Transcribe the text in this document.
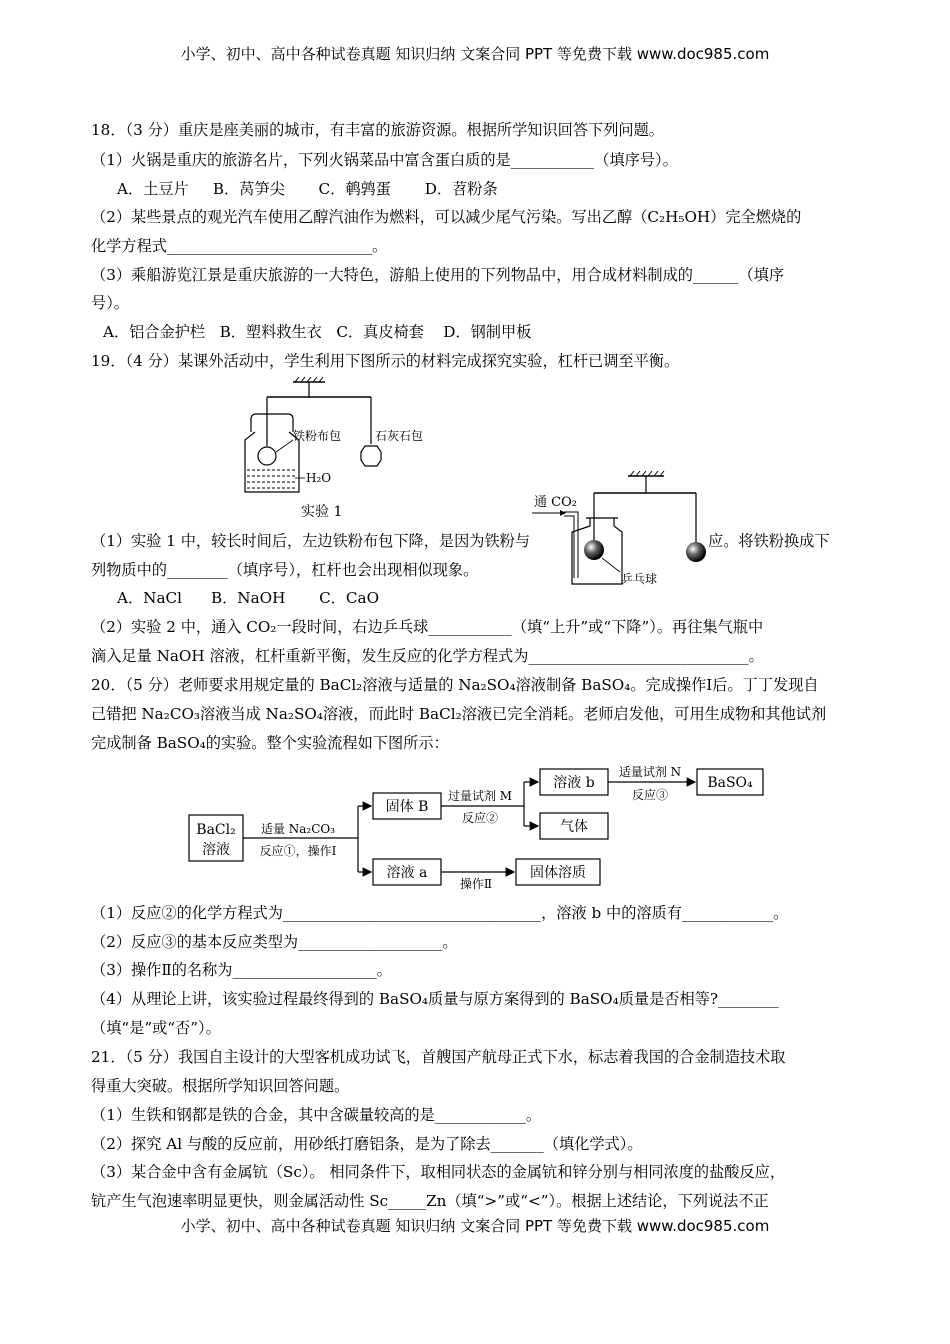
小学、初中、高中各种试卷真题 知识归纳 文案合同 PPT 等免费下载 www.doc985.com
小学、初中、高中各种试卷真题 知识归纳 文案合同 PPT 等免费下载 www.doc985.com
18．（3 分）重庆是座美丽的城市，有丰富的旅游资源。根据所学知识回答下列问题。
（1）火锅是重庆的旅游名片，下列火锅菜品中富含蛋白质的是___________（填序号）。
A．土豆片     B．莴笋尖       C．鹌鹑蛋       D．苕粉条
（2）某些景点的观光汽车使用乙醇汽油作为燃料，可以减少尾气污染。写出乙醇（C₂H₅OH）完全燃烧的
化学方程式___________________________。
（3）乘船游览江景是重庆旅游的一大特色，游船上使用的下列物品中，用合成材料制成的______（填序
号）。
A．铝合金护栏   B．塑料救生衣   C．真皮椅套    D．钢制甲板
19．（4 分）某课外活动中，学生利用下图所示的材料完成探究实验，杠杆已调至平衡。
铁粉布包	石灰石包
H₂O
实验 1
通 CO₂
乒乓球
（1）实验 1 中，较长时间后，左边铁粉布包下降，是因为铁粉与	应。将铁粉换成下
列物质中的________（填序号），杠杆也会出现相似现象。
A．NaCl      B．NaOH       C．CaO
（2）实验 2 中，通入 CO₂一段时间，右边乒乓球___________（填“上升”或“下降”）。再往集气瓶中
滴入足量 NaOH 溶液，杠杆重新平衡，发生反应的化学方程式为_____________________________。
20．（5 分）老师要求用规定量的 BaCl₂溶液与适量的 Na₂SO₄溶液制备 BaSO₄。完成操作Ⅰ后。丁丁发现自
己错把 Na₂CO₃溶液当成 Na₂SO₄溶液，而此时 BaCl₂溶液已完全消耗。老师启发他，可用生成物和其他试剂
完成制备 BaSO₄的实验。整个实验流程如下图所示：
BaCl₂
溶液
适量 Na₂CO₃
反应①，操作Ⅰ
固体 B
溶液 a
过量试剂 M
反应②
溶液 b
气体
适量试剂 N
反应③
BaSO₄
操作Ⅱ
固体溶质
（1）反应②的化学方程式为__________________________________，溶液 b 中的溶质有____________。
（2）反应③的基本反应类型为___________________。
（3）操作Ⅱ的名称为___________________。
（4）从理论上讲，该实验过程最终得到的 BaSO₄质量与原方案得到的 BaSO₄质量是否相等?________
（填“是”或“否”）。
21．（5 分）我国自主设计的大型客机成功试飞，首艘国产航母正式下水，标志着我国的合金制造技术取
得重大突破。根据所学知识回答问题。
（1）生铁和钢都是铁的合金，其中含碳量较高的是____________。
（2）探究 Al 与酸的反应前，用砂纸打磨铝条，是为了除去_______（填化学式）。
（3）某合金中含有金属钪（Sc）。 相同条件下，取相同状态的金属钪和锌分别与相同浓度的盐酸反应，
钪产生气泡速率明显更快，则金属活动性 Sc_____Zn（填“>”或“<”）。根据上述结论，下列说法不正
